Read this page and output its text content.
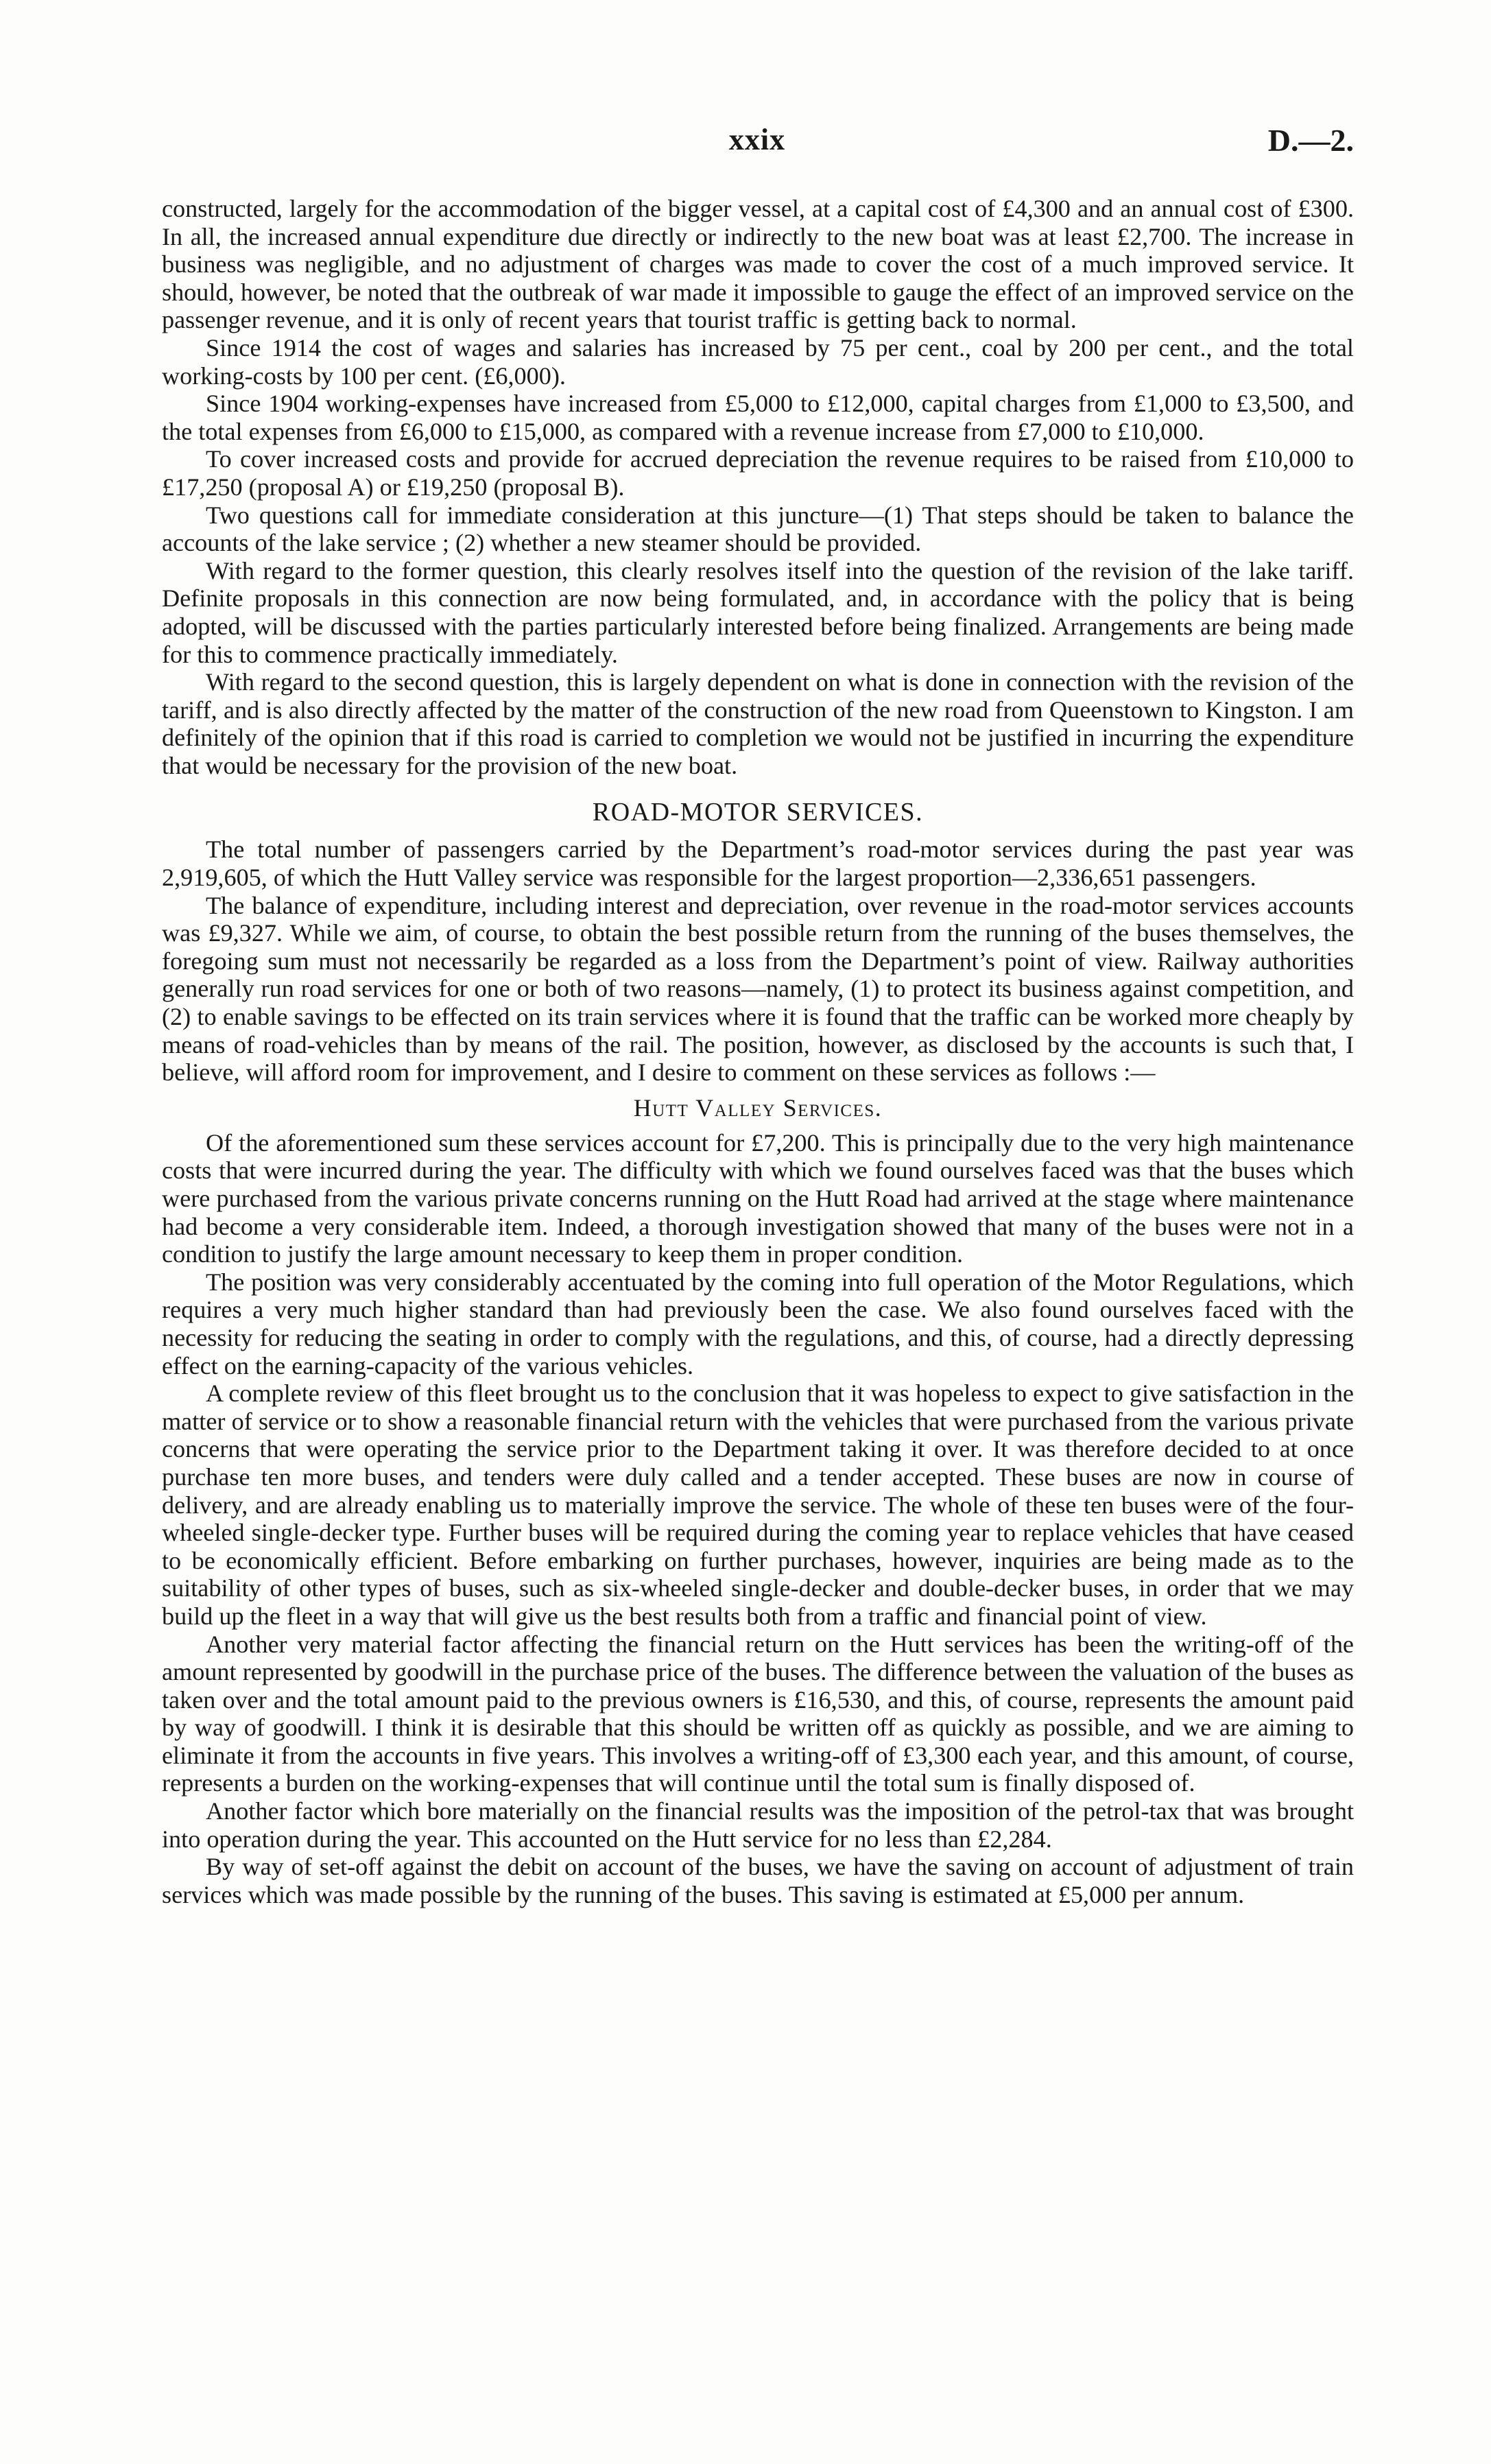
xxix	D.—2.

constructed, largely for the accommodation of the bigger vessel, at a capital cost of £4,300 and an annual cost of £300. In all, the increased annual expenditure due directly or indirectly to the new boat was at least £2,700. The increase in business was negligible, and no adjustment of charges was made to cover the cost of a much improved service. It should, however, be noted that the outbreak of war made it impossible to gauge the effect of an improved service on the passenger revenue, and it is only of recent years that tourist traffic is getting back to normal.

Since 1914 the cost of wages and salaries has increased by 75 per cent., coal by 200 per cent., and the total working-costs by 100 per cent. (£6,000).

Since 1904 working-expenses have increased from £5,000 to £12,000, capital charges from £1,000 to £3,500, and the total expenses from £6,000 to £15,000, as compared with a revenue increase from £7,000 to £10,000.

To cover increased costs and provide for accrued depreciation the revenue requires to be raised from £10,000 to £17,250 (proposal A) or £19,250 (proposal B).

Two questions call for immediate consideration at this juncture—(1) That steps should be taken to balance the accounts of the lake service ; (2) whether a new steamer should be provided.

With regard to the former question, this clearly resolves itself into the question of the revision of the lake tariff. Definite proposals in this connection are now being formulated, and, in accordance with the policy that is being adopted, will be discussed with the parties particularly interested before being finalized. Arrangements are being made for this to commence practically immediately.

With regard to the second question, this is largely dependent on what is done in connection with the revision of the tariff, and is also directly affected by the matter of the construction of the new road from Queenstown to Kingston. I am definitely of the opinion that if this road is carried to completion we would not be justified in incurring the expenditure that would be necessary for the provision of the new boat.

ROAD-MOTOR SERVICES.

The total number of passengers carried by the Department’s road-motor services during the past year was 2,919,605, of which the Hutt Valley service was responsible for the largest proportion—2,336,651 passengers.

The balance of expenditure, including interest and depreciation, over revenue in the road-motor services accounts was £9,327. While we aim, of course, to obtain the best possible return from the running of the buses themselves, the foregoing sum must not necessarily be regarded as a loss from the Department’s point of view. Railway authorities generally run road services for one or both of two reasons—namely, (1) to protect its business against competition, and (2) to enable savings to be effected on its train services where it is found that the traffic can be worked more cheaply by means of road-vehicles than by means of the rail. The position, however, as disclosed by the accounts is such that, I believe, will afford room for improvement, and I desire to comment on these services as follows :—

Hutt Valley Services.

Of the aforementioned sum these services account for £7,200. This is principally due to the very high maintenance costs that were incurred during the year. The difficulty with which we found ourselves faced was that the buses which were purchased from the various private concerns running on the Hutt Road had arrived at the stage where maintenance had become a very considerable item. Indeed, a thorough investigation showed that many of the buses were not in a condition to justify the large amount necessary to keep them in proper condition.

The position was very considerably accentuated by the coming into full operation of the Motor Regulations, which requires a very much higher standard than had previously been the case. We also found ourselves faced with the necessity for reducing the seating in order to comply with the regulations, and this, of course, had a directly depressing effect on the earning-capacity of the various vehicles.

A complete review of this fleet brought us to the conclusion that it was hopeless to expect to give satisfaction in the matter of service or to show a reasonable financial return with the vehicles that were purchased from the various private concerns that were operating the service prior to the Department taking it over. It was therefore decided to at once purchase ten more buses, and tenders were duly called and a tender accepted. These buses are now in course of delivery, and are already enabling us to materially improve the service. The whole of these ten buses were of the four-wheeled single-decker type. Further buses will be required during the coming year to replace vehicles that have ceased to be economically efficient. Before embarking on further purchases, however, inquiries are being made as to the suitability of other types of buses, such as six-wheeled single-decker and double-decker buses, in order that we may build up the fleet in a way that will give us the best results both from a traffic and financial point of view.

Another very material factor affecting the financial return on the Hutt services has been the writing-off of the amount represented by goodwill in the purchase price of the buses. The difference between the valuation of the buses as taken over and the total amount paid to the previous owners is £16,530, and this, of course, represents the amount paid by way of goodwill. I think it is desirable that this should be written off as quickly as possible, and we are aiming to eliminate it from the accounts in five years. This involves a writing-off of £3,300 each year, and this amount, of course, represents a burden on the working-expenses that will continue until the total sum is finally disposed of.

Another factor which bore materially on the financial results was the imposition of the petrol-tax that was brought into operation during the year. This accounted on the Hutt service for no less than £2,284.

By way of set-off against the debit on account of the buses, we have the saving on account of adjustment of train services which was made possible by the running of the buses. This saving is estimated at £5,000 per annum.
